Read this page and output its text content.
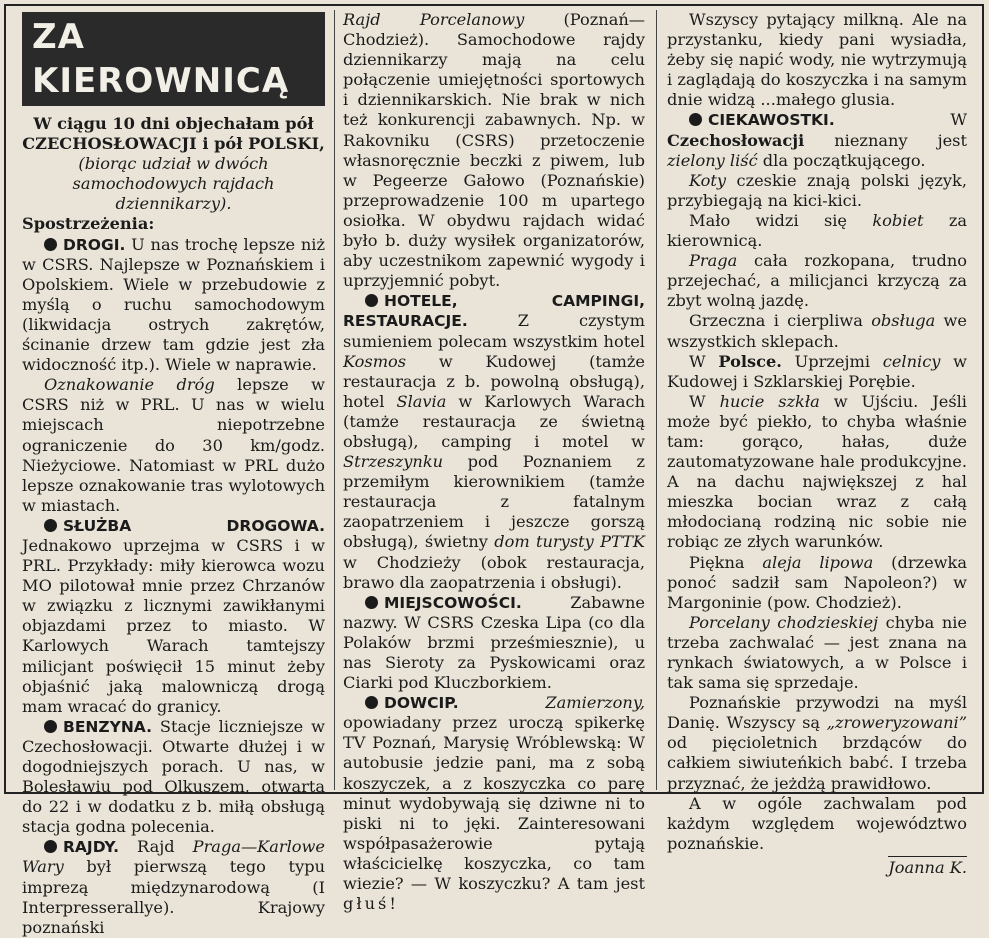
ZA KIEROWNICĄ

W ciągu 10 dni objechałam pół CZECHOSŁOWACJI i pół POLSKI, (biorąc udział w dwóch samochodowych rajdach dziennikarzy).
Spostrzeżenia:

DROGI. U nas trochę lepsze niż w CSRS. Najlepsze w Poznańskiem i Opolskiem. Wiele w przebudowie z myślą o ruchu samochodowym (likwidacja ostrych zakrętów, ścinanie drzew tam gdzie jest zła widoczność itp.). Wiele w naprawie.

Oznakowanie dróg lepsze w CSRS niż w PRL. U nas w wielu miejscach niepotrzebne ograniczenie do 30 km/godz. Nieżyciowe. Natomiast w PRL dużo lepsze oznakowanie tras wylotowych w miastach.

SŁUŻBA DROGOWA. Jednakowo uprzejma w CSRS i w PRL. Przykłady: miły kierowca wozu MO pilotował mnie przez Chrzanów w związku z licznymi zawikłanymi objazdami przez to miasto. W Karlowych Warach tamtejszy milicjant poświęcił 15 minut żeby objaśnić jaką malowniczą drogą mam wracać do granicy.

BENZYNA. Stacje liczniejsze w Czechosłowacji. Otwarte dłużej i w dogodniejszych porach. U nas, w Bolesławiu pod Olkuszem, otwarta do 22 i w dodatku z b. miłą obsługą stacja godna polecenia.

RAJDY. Rajd Praga—Karlowe Wary był pierwszą tego typu imprezą międzynarodową (I Interpresserallye). Krajowy poznański

Rajd Porcelanowy (Poznań—Chodzież). Samochodowe rajdy dziennikarzy mają na celu połączenie umiejętności sportowych i dziennikarskich. Nie brak w nich też konkurencji zabawnych. Np. w Rakovniku (CSRS) przetoczenie własnoręcznie beczki z piwem, lub w Pegeerze Gałowo (Poznańskie) przeprowadzenie 100 m upartego osiołka. W obydwu rajdach widać było b. duży wysiłek organizatorów, aby uczestnikom zapewnić wygody i uprzyjemnić pobyt.

HOTELE, CAMPINGI, RESTAURACJE. Z czystym sumieniem polecam wszystkim hotel Kosmos w Kudowej (tamże restauracja z b. powolną obsługą), hotel Slavia w Karlowych Warach (tamże restauracja ze świetną obsługą), camping i motel w Strzeszynku pod Poznaniem z przemiłym kierownikiem (tamże restauracja z fatalnym zaopatrzeniem i jeszcze gorszą obsługą), świetny dom turysty PTTK w Chodzieży (obok restauracja, brawo dla zaopatrzenia i obsługi).

MIEJSCOWOŚCI. Zabawne nazwy. W CSRS Czeska Lipa (co dla Polaków brzmi prześmiesznie), u nas Sieroty za Pyskowicami oraz Ciarki pod Kluczborkiem.

DOWCIP. Zamierzony, opowiadany przez uroczą spikerkę TV Poznań, Marysię Wróblewską: W autobusie jedzie pani, ma z sobą koszyczek, a z koszyczka co parę minut wydobywają się dziwne ni to piski ni to jęki. Zainteresowani współpasażerowie pytają właścicielkę koszyczka, co tam wiezie? — W koszyczku? A tam jest głuś!

Wszyscy pytający milkną. Ale na przystanku, kiedy pani wysiadła, żeby się napić wody, nie wytrzymują i zaglądają do koszyczka i na samym dnie widzą ...małego glusia.

CIEKAWOSTKI. W Czechosłowacji nieznany jest zielony liść dla początkującego.

Koty czeskie znają polski język, przybiegają na kici-kici.

Mało widzi się kobiet za kierownicą.

Praga cała rozkopana, trudno przejechać, a milicjanci krzyczą za zbyt wolną jazdę.

Grzeczna i cierpliwa obsługa we wszystkich sklepach.

W Polsce. Uprzejmi celnicy w Kudowej i Szklarskiej Porębie.

W hucie szkła w Ujściu. Jeśli może być piekło, to chyba właśnie tam: gorąco, hałas, duże zautomatyzowane hale produkcyjne. A na dachu największej z hal mieszka bocian wraz z całą młodocianą rodziną nic sobie nie robiąc ze złych warunków.

Piękna aleja lipowa (drzewka ponoć sadził sam Napoleon?) w Margoninie (pow. Chodzież).

Porcelany chodzieskiej chyba nie trzeba zachwalać — jest znana na rynkach światowych, a w Polsce i tak sama się sprzedaje.

Poznańskie przywodzi na myśl Danię. Wszyscy są „zroweryzowani” od pięcioletnich brzdąców do całkiem siwiuteńkich babć. I trzeba przyznać, że jeżdżą prawidłowo.

A w ogóle zachwalam pod każdym względem województwo poznańskie.

Joanna K.
